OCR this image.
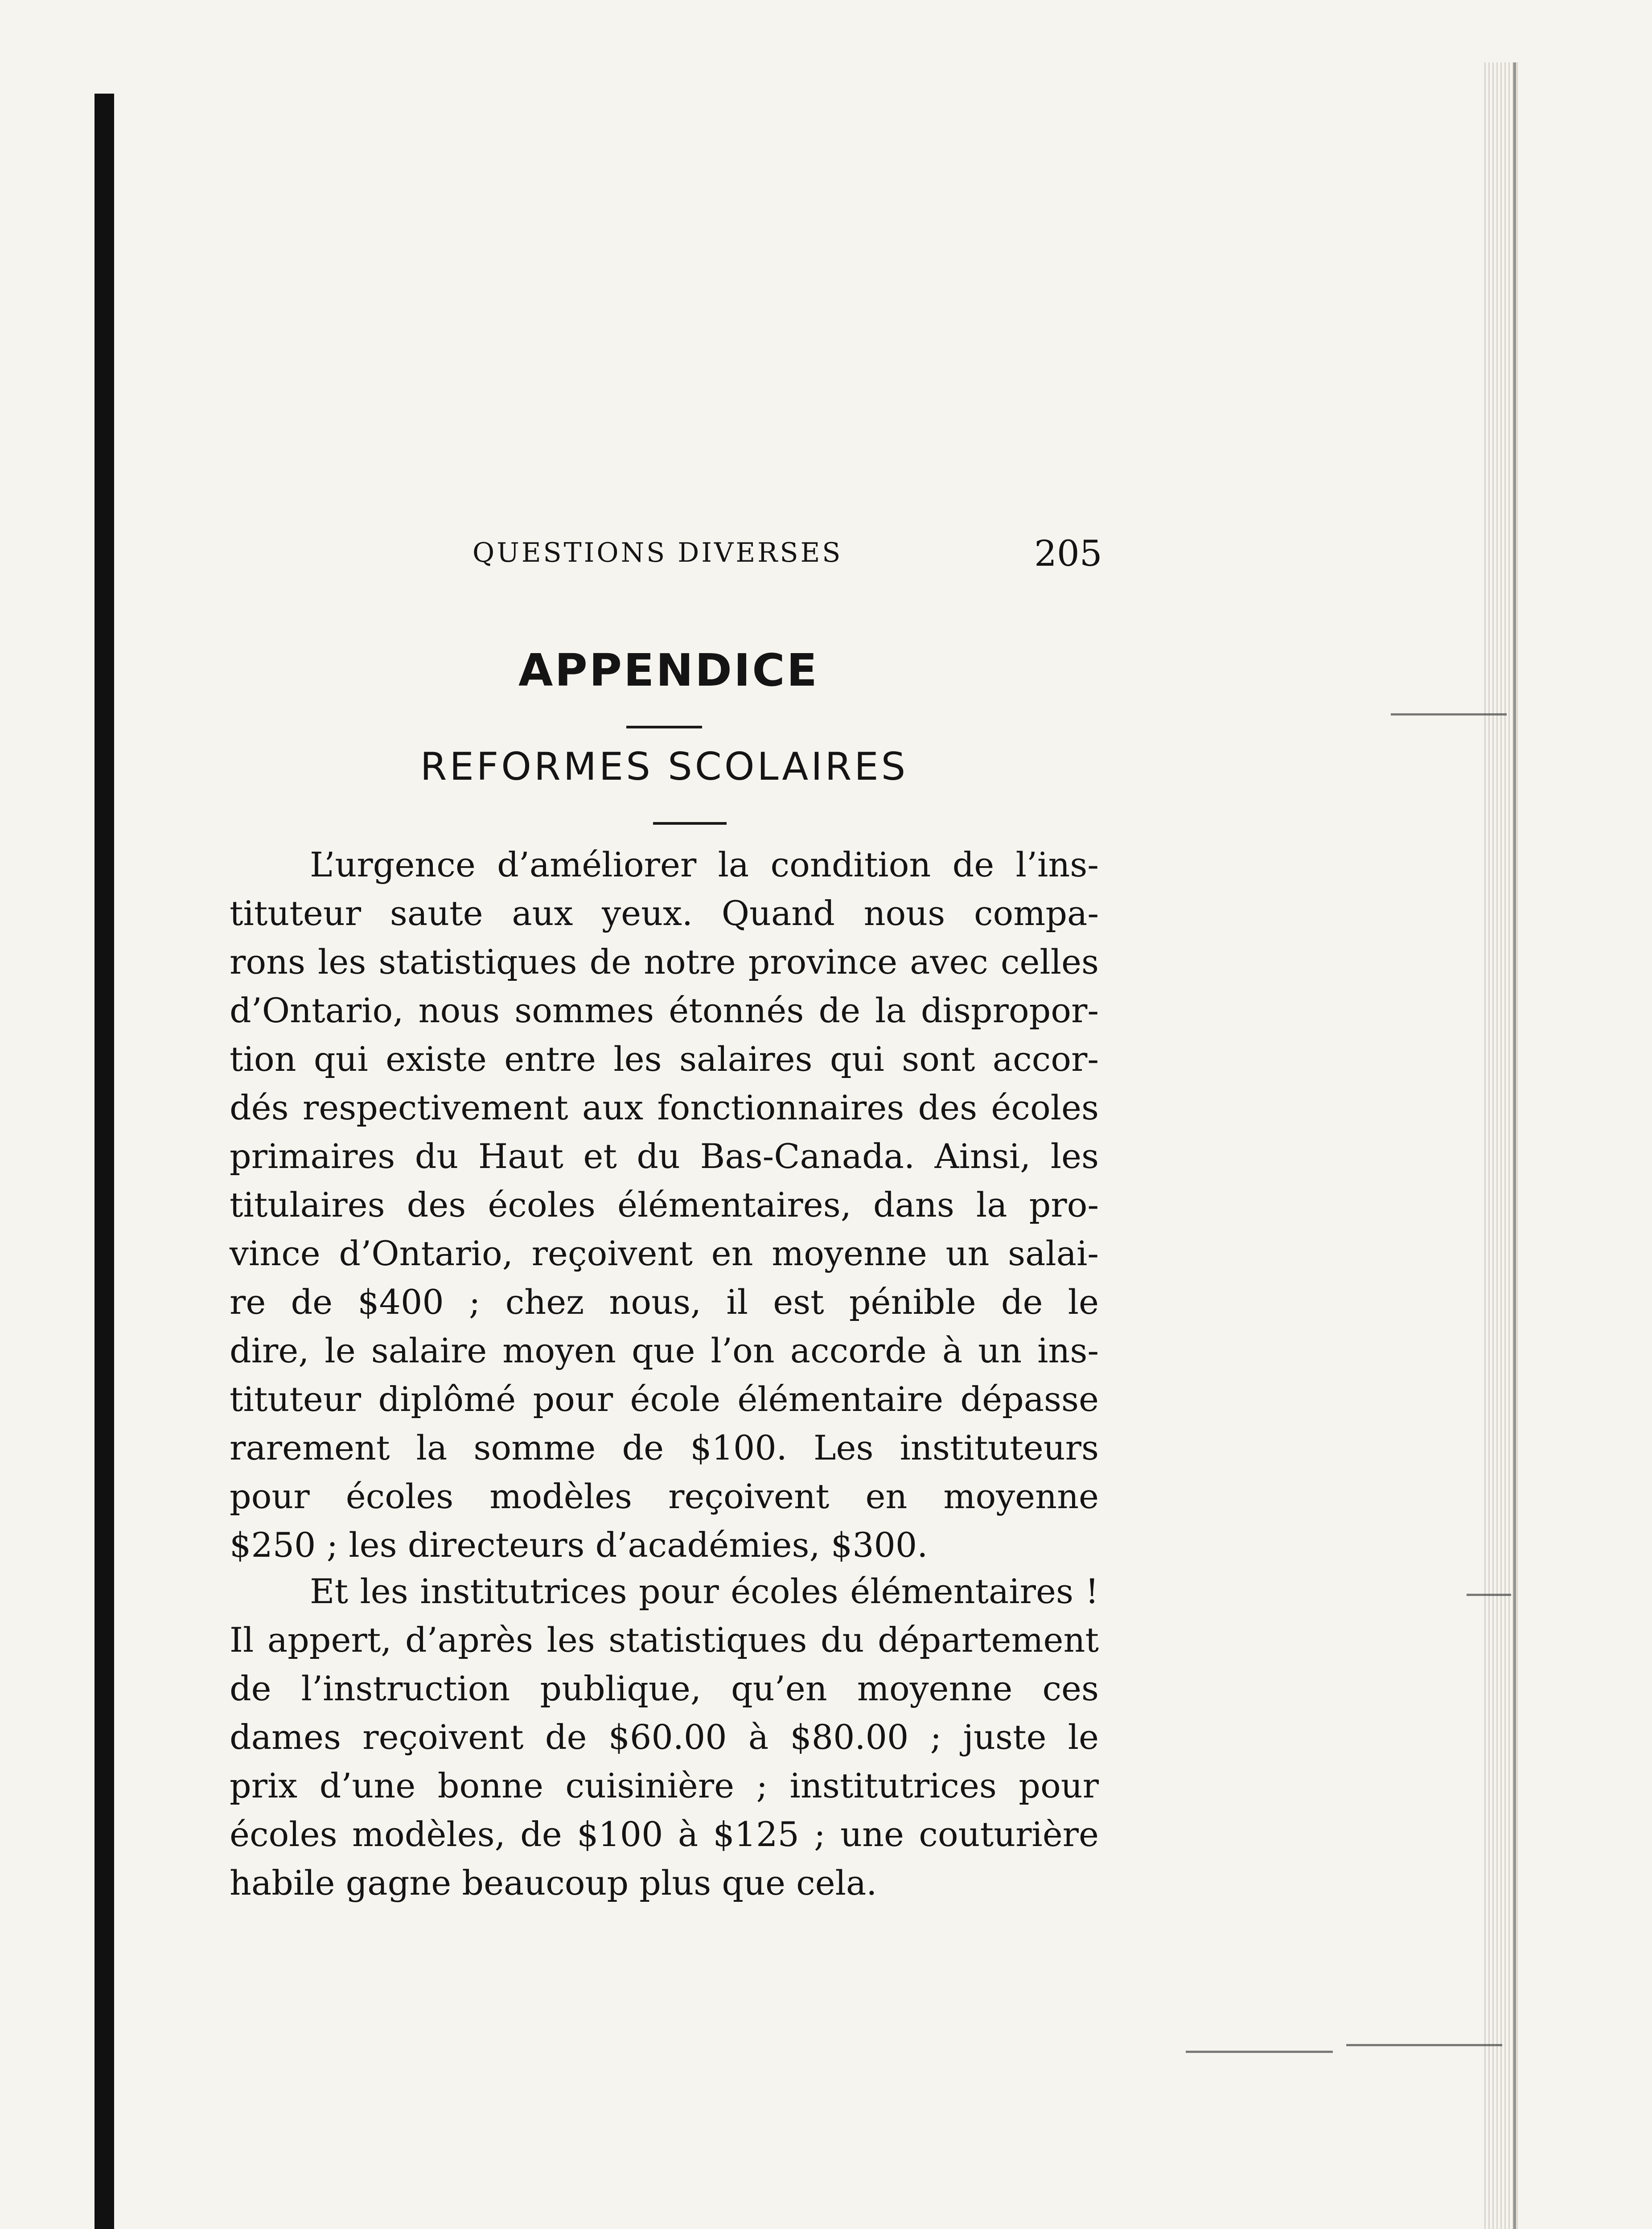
QUESTIONS DIVERSES	205
APPENDICE
REFORMES SCOLAIRES
L’urgence d’améliorer la condition de l’ins-
tituteur saute aux yeux. Quand nous compa-
rons les statistiques de notre province avec celles
d’Ontario, nous sommes étonnés de la dispropor-
tion qui existe entre les salaires qui sont accor-
dés respectivement aux fonctionnaires des écoles
primaires du Haut et du Bas-Canada. Ainsi, les
titulaires des écoles élémentaires, dans la pro-
vince d’Ontario, reçoivent en moyenne un salai-
re de $400 ; chez nous, il est pénible de le
dire, le salaire moyen que l’on accorde à un ins-
tituteur diplômé pour école élémentaire dépasse
rarement la somme de $100. Les instituteurs
pour écoles modèles reçoivent en moyenne
$250 ; les directeurs d’académies, $300.
Et les institutrices pour écoles élémentaires !
Il appert, d’après les statistiques du département
de l’instruction publique, qu’en moyenne ces
dames reçoivent de $60.00 à $80.00 ; juste le
prix d’une bonne cuisinière ; institutrices pour
écoles modèles, de $100 à $125 ; une couturière
habile gagne beaucoup plus que cela.
